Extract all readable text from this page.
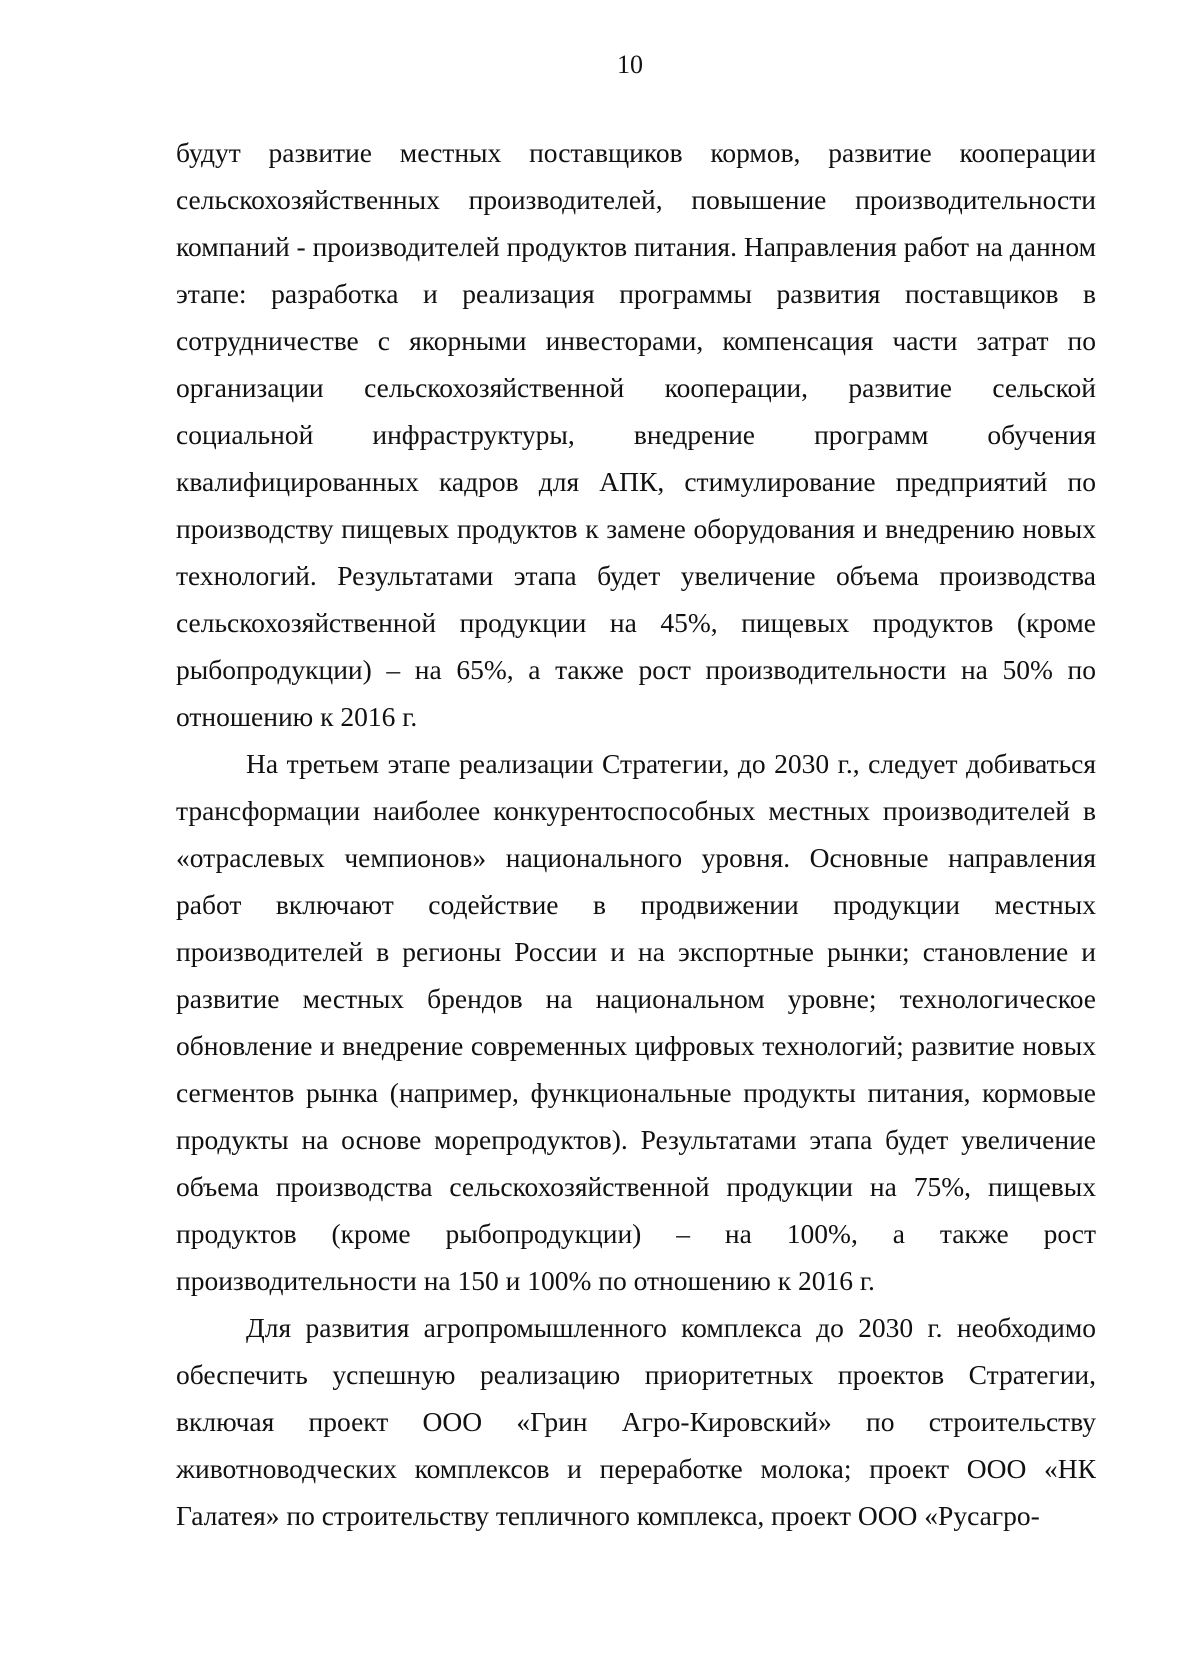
10

будут развитие местных поставщиков кормов, развитие кооперации сельскохозяйственных производителей, повышение производительности компаний - производителей продуктов питания. Направления работ на данном этапе: разработка и реализация программы развития поставщиков в сотрудничестве с якорными инвесторами, компенсация части затрат по организации сельскохозяйственной кооперации, развитие сельской социальной инфраструктуры, внедрение программ обучения квалифицированных кадров для АПК, стимулирование предприятий по производству пищевых продуктов к замене оборудования и внедрению новых технологий. Результатами этапа будет увеличение объема производства сельскохозяйственной продукции на 45%, пищевых продуктов (кроме рыбопродукции) – на 65%, а также рост производительности на 50% по отношению к 2016 г.

На третьем этапе реализации Стратегии, до 2030 г., следует добиваться трансформации наиболее конкурентоспособных местных производителей в «отраслевых чемпионов» национального уровня. Основные направления работ включают содействие в продвижении продукции местных производителей в регионы России и на экспортные рынки; становление и развитие местных брендов на национальном уровне; технологическое обновление и внедрение современных цифровых технологий; развитие новых сегментов рынка (например, функциональные продукты питания, кормовые продукты на основе морепродуктов). Результатами этапа будет увеличение объема производства сельскохозяйственной продукции на 75%, пищевых продуктов (кроме рыбопродукции) – на 100%, а также рост производительности на 150 и 100% по отношению к 2016 г.

Для развития агропромышленного комплекса до 2030 г. необходимо обеспечить успешную реализацию приоритетных проектов Стратегии, включая проект ООО «Грин Агро-Кировский» по строительству животноводческих комплексов и переработке молока; проект ООО «НК Галатея» по строительству тепличного комплекса, проект ООО «Русагро-
